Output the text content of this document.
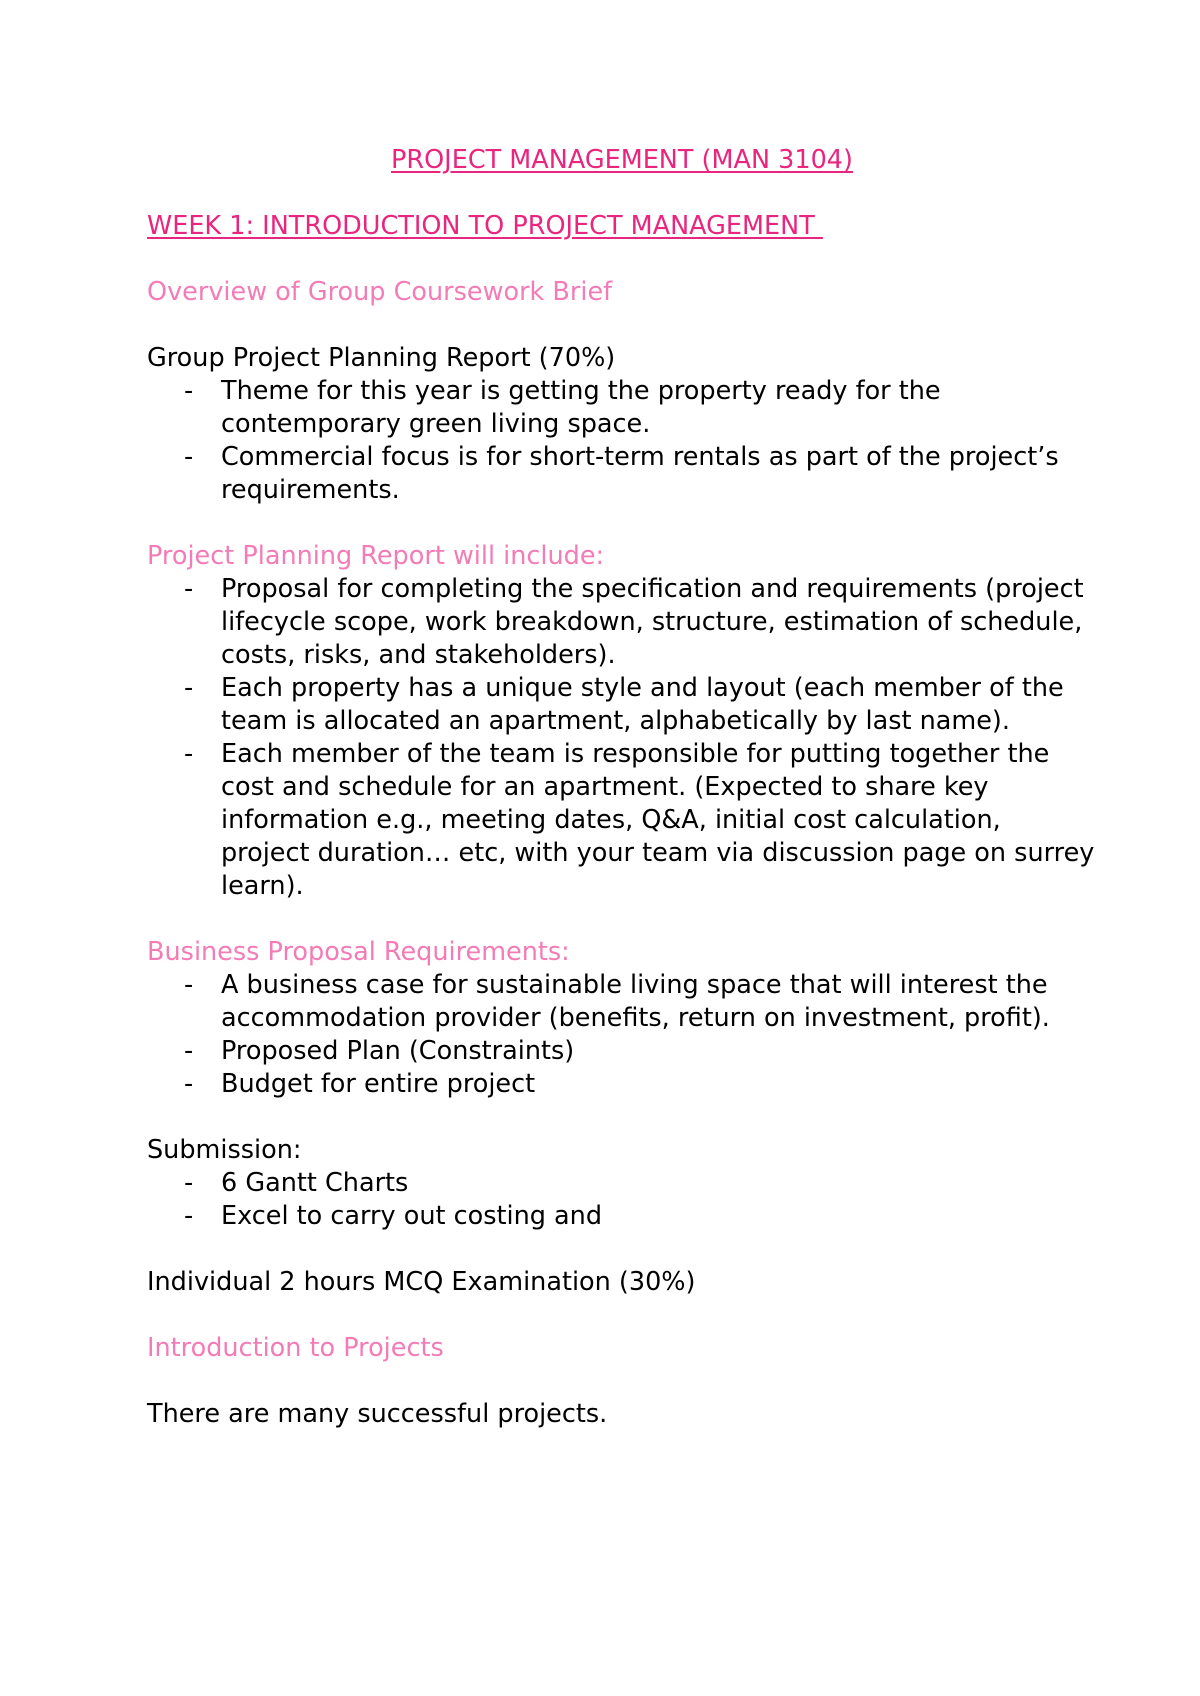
PROJECT MANAGEMENT (MAN 3104)
WEEK 1: INTRODUCTION TO PROJECT MANAGEMENT
Overview of Group Coursework Brief

Group Project Planning Report (70%)

- Theme for this year is getting the property ready for the contemporary green living space.
- Commercial focus is for short-term rentals as part of the project’s requirements.
Project Planning Report will include:
- Proposal for completing the specification and requirements (project lifecycle scope, work breakdown, structure, estimation of schedule, costs, risks, and stakeholders).
- Each property has a unique style and layout (each member of the team is allocated an apartment, alphabetically by last name).
- Each member of the team is responsible for putting together the cost and schedule for an apartment. (Expected to share key information e.g., meeting dates, Q&A, initial cost calculation, project duration… etc, with your team via discussion page on surrey learn).
Business Proposal Requirements:
- A business case for sustainable living space that will interest the accommodation provider (benefits, return on investment, profit).
- Proposed Plan (Constraints)
- Budget for entire project

Submission:

- 6 Gantt Charts
- Excel to carry out costing and

Individual 2 hours MCQ Examination (30%)

Introduction to Projects

There are many successful projects.
